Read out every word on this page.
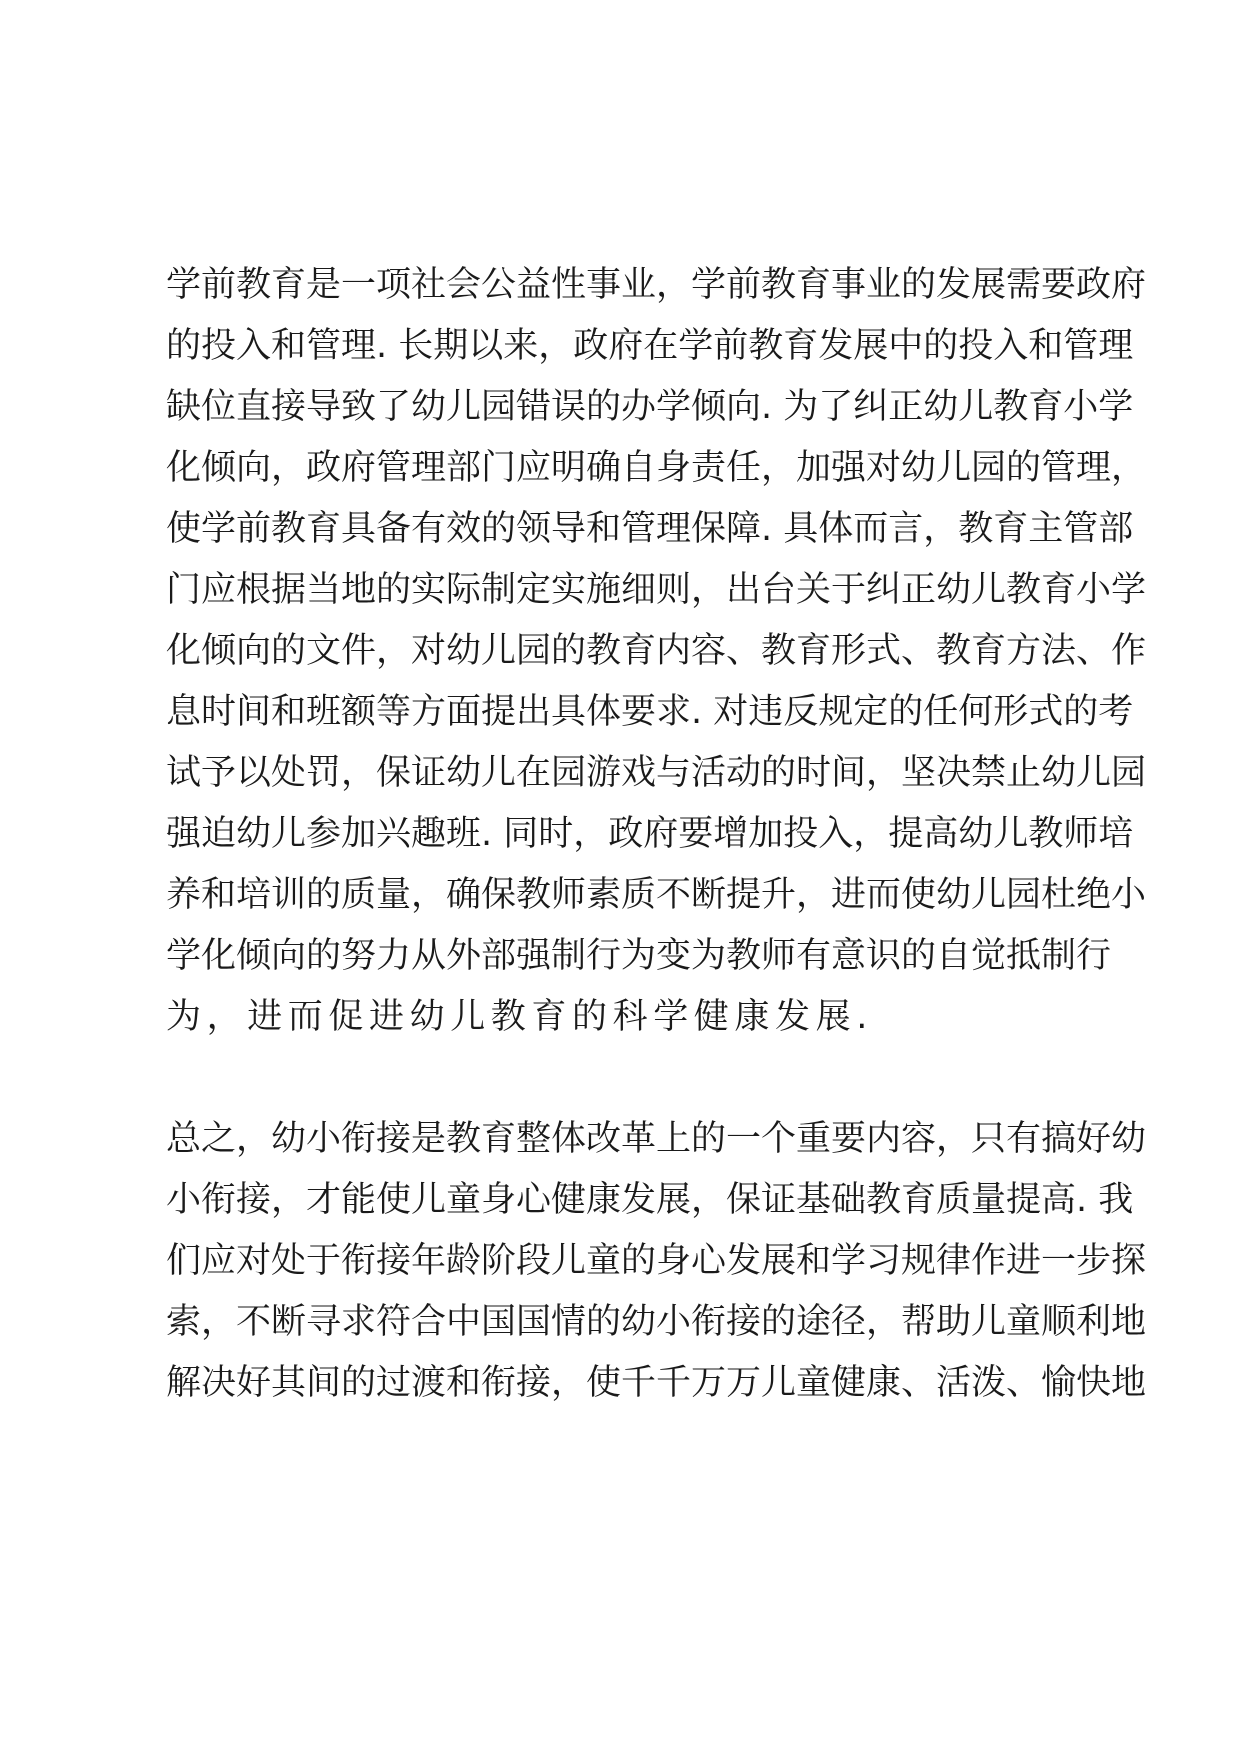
学前教育是一项社会公益性事业，学前教育事业的发展需要政府
的投入和管理. 长期以来，政府在学前教育发展中的投入和管理
缺位直接导致了幼儿园错误的办学倾向. 为了纠正幼儿教育小学
化倾向，政府管理部门应明确自身责任，加强对幼儿园的管理，
使学前教育具备有效的领导和管理保障. 具体而言，教育主管部
门应根据当地的实际制定实施细则，出台关于纠正幼儿教育小学
化倾向的文件，对幼儿园的教育内容、教育形式、教育方法、作
息时间和班额等方面提出具体要求. 对违反规定的任何形式的考
试予以处罚，保证幼儿在园游戏与活动的时间，坚决禁止幼儿园
强迫幼儿参加兴趣班. 同时，政府要增加投入，提高幼儿教师培
养和培训的质量，确保教师素质不断提升，进而使幼儿园杜绝小
学化倾向的努力从外部强制行为变为教师有意识的自觉抵制行
为，进而促进幼儿教育的科学健康发展.
总之，幼小衔接是教育整体改革上的一个重要内容，只有搞好幼
小衔接，才能使儿童身心健康发展，保证基础教育质量提高. 我
们应对处于衔接年龄阶段儿童的身心发展和学习规律作进一步探
索，不断寻求符合中国国情的幼小衔接的途径，帮助儿童顺利地
解决好其间的过渡和衔接，使千千万万儿童健康、活泼、愉快地
